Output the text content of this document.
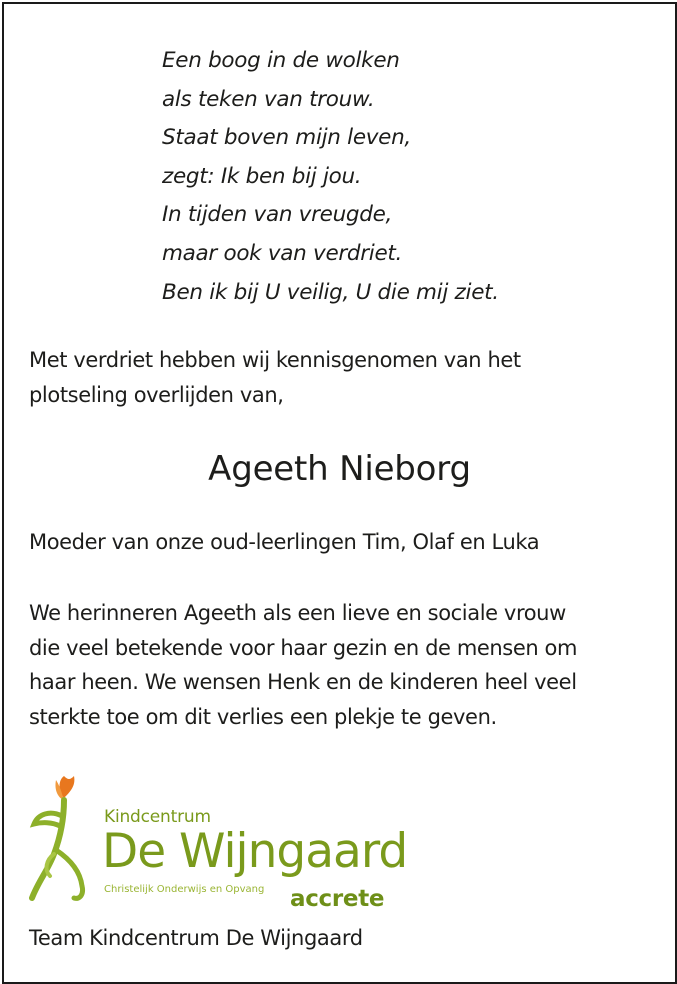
Een boog in de wolken
als teken van trouw.
Staat boven mijn leven,
zegt: Ik ben bij jou.
In tijden van vreugde,
maar ook van verdriet.
Ben ik bij U veilig, U die mij ziet.
Met verdriet hebben wij kennisgenomen van het
plotseling overlijden van,
Ageeth Nieborg
Moeder van onze oud-leerlingen Tim, Olaf en Luka
We herinneren Ageeth als een lieve en sociale vrouw
die veel betekende voor haar gezin en de mensen om
haar heen. We wensen Henk en de kinderen heel veel
sterkte toe om dit verlies een plekje te geven.
Kindcentrum
De Wijngaard
Christelijk Onderwijs en Opvang accrete
Team Kindcentrum De Wijngaard
